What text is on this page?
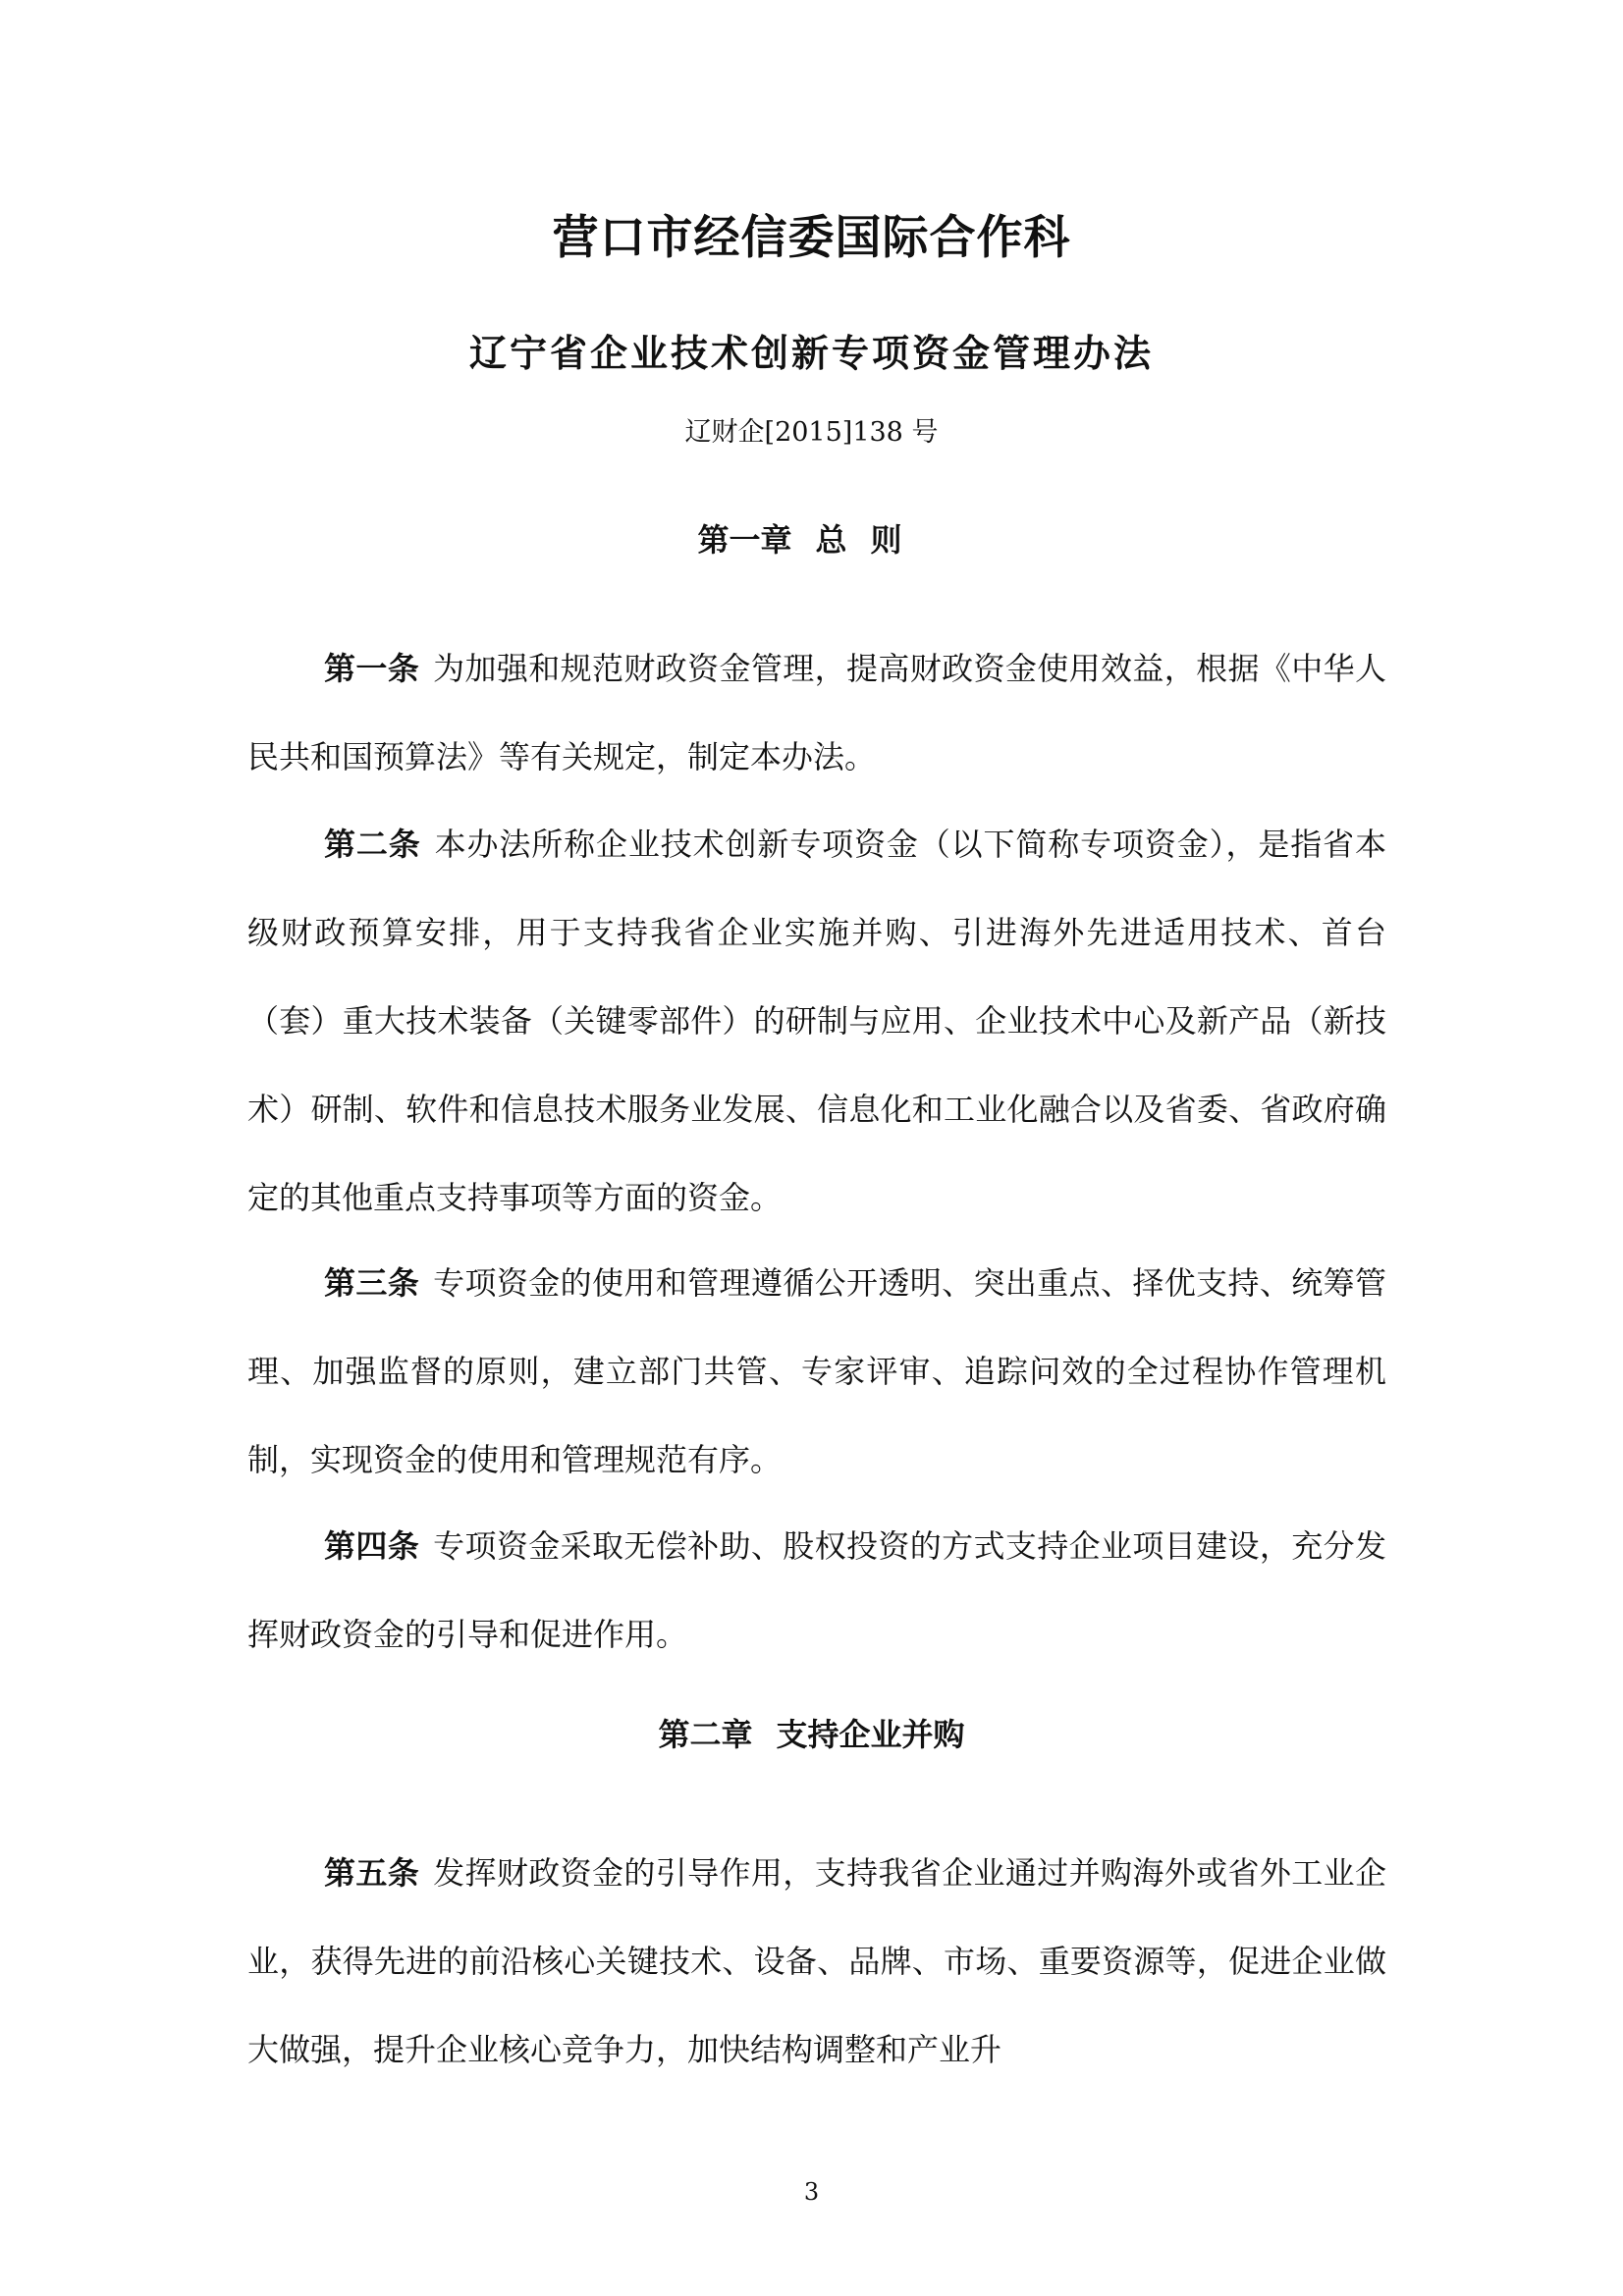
营口市经信委国际合作科
辽宁省企业技术创新专项资金管理办法
辽财企[2015]138 号
第一章 总则
第一条 为加强和规范财政资金管理，提高财政资金使用效益，根据《中华人民共和国预算法》等有关规定，制定本办法。
第二条 本办法所称企业技术创新专项资金（以下简称专项资金），是指省本级财政预算安排，用于支持我省企业实施并购、引进海外先进适用技术、首台（套）重大技术装备（关键零部件）的研制与应用、企业技术中心及新产品（新技术）研制、软件和信息技术服务业发展、信息化和工业化融合以及省委、省政府确定的其他重点支持事项等方面的资金。
第三条 专项资金的使用和管理遵循公开透明、突出重点、择优支持、统筹管理、加强监督的原则，建立部门共管、专家评审、追踪问效的全过程协作管理机制，实现资金的使用和管理规范有序。
第四条 专项资金采取无偿补助、股权投资的方式支持企业项目建设，充分发挥财政资金的引导和促进作用。
第二章 支持企业并购
第五条 发挥财政资金的引导作用，支持我省企业通过并购海外或省外工业企业，获得先进的前沿核心关键技术、设备、品牌、市场、重要资源等，促进企业做大做强，提升企业核心竞争力，加快结构调整和产业升
3
